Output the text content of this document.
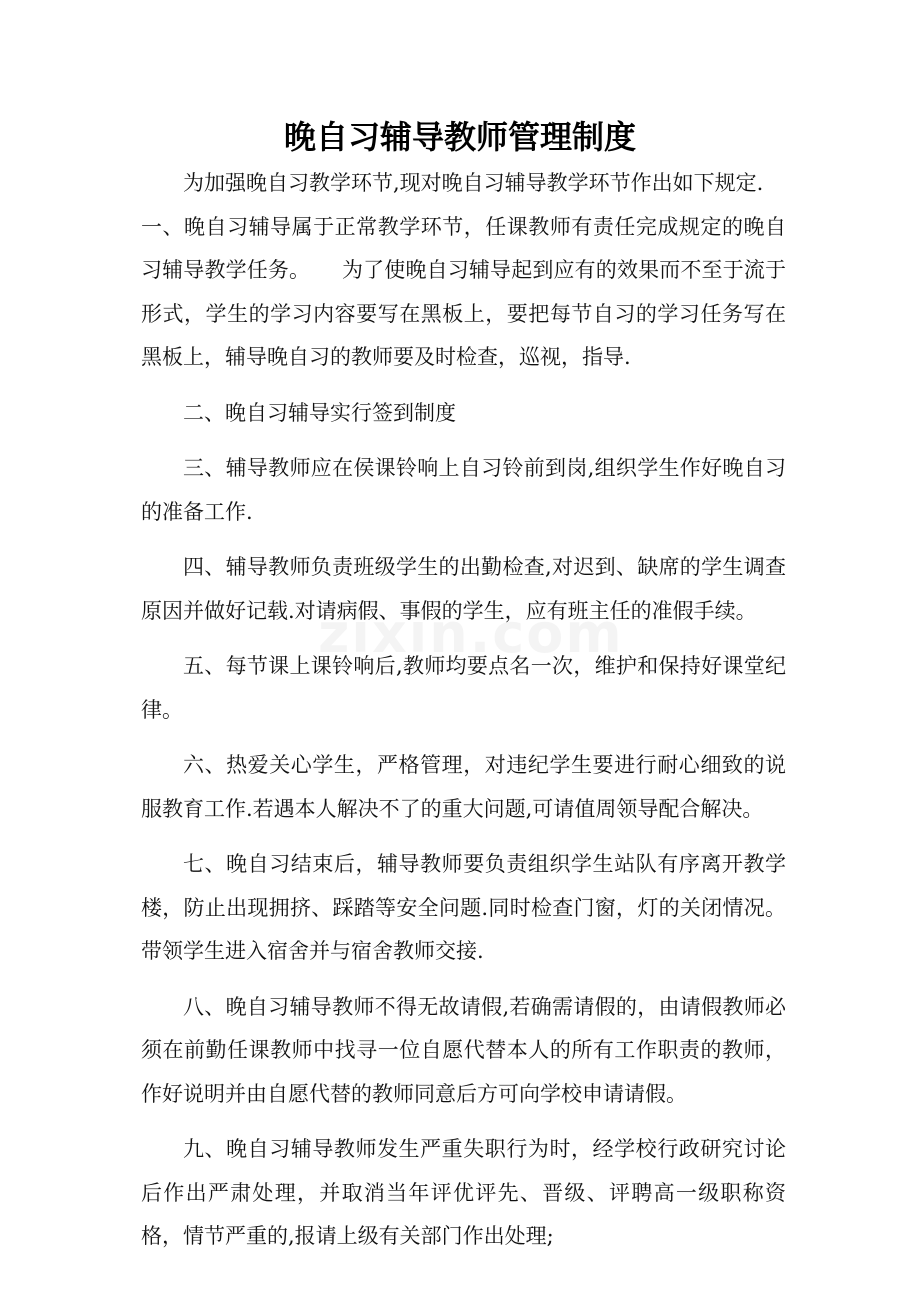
晚自习辅导教师管理制度

为加强晚自习教学环节,现对晚自习辅导教学环节作出如下规定.

一、晚自习辅导属于正常教学环节，任课教师有责任完成规定的晚自习辅导教学任务。　　为了使晚自习辅导起到应有的效果而不至于流于形式，学生的学习内容要写在黑板上，要把每节自习的学习任务写在黑板上，辅导晚自习的教师要及时检查，巡视，指导.

二、晚自习辅导实行签到制度

三、辅导教师应在侯课铃响上自习铃前到岗,组织学生作好晚自习的准备工作.

四、辅导教师负责班级学生的出勤检查,对迟到、缺席的学生调查原因并做好记载.对请病假、事假的学生，应有班主任的准假手续。

五、每节课上课铃响后,教师均要点名一次，维护和保持好课堂纪律。

六、热爱关心学生，严格管理，对违纪学生要进行耐心细致的说服教育工作.若遇本人解决不了的重大问题,可请值周领导配合解决。

七、晚自习结束后，辅导教师要负责组织学生站队有序离开教学楼，防止出现拥挤、踩踏等安全问题.同时检查门窗，灯的关闭情况。带领学生进入宿舍并与宿舍教师交接.

八、晚自习辅导教师不得无故请假,若确需请假的，由请假教师必须在前勤任课教师中找寻一位自愿代替本人的所有工作职责的教师，作好说明并由自愿代替的教师同意后方可向学校申请请假。

九、晚自习辅导教师发生严重失职行为时，经学校行政研究讨论后作出严肃处理，并取消当年评优评先、晋级、评聘高一级职称资格，情节严重的,报请上级有关部门作出处理;
